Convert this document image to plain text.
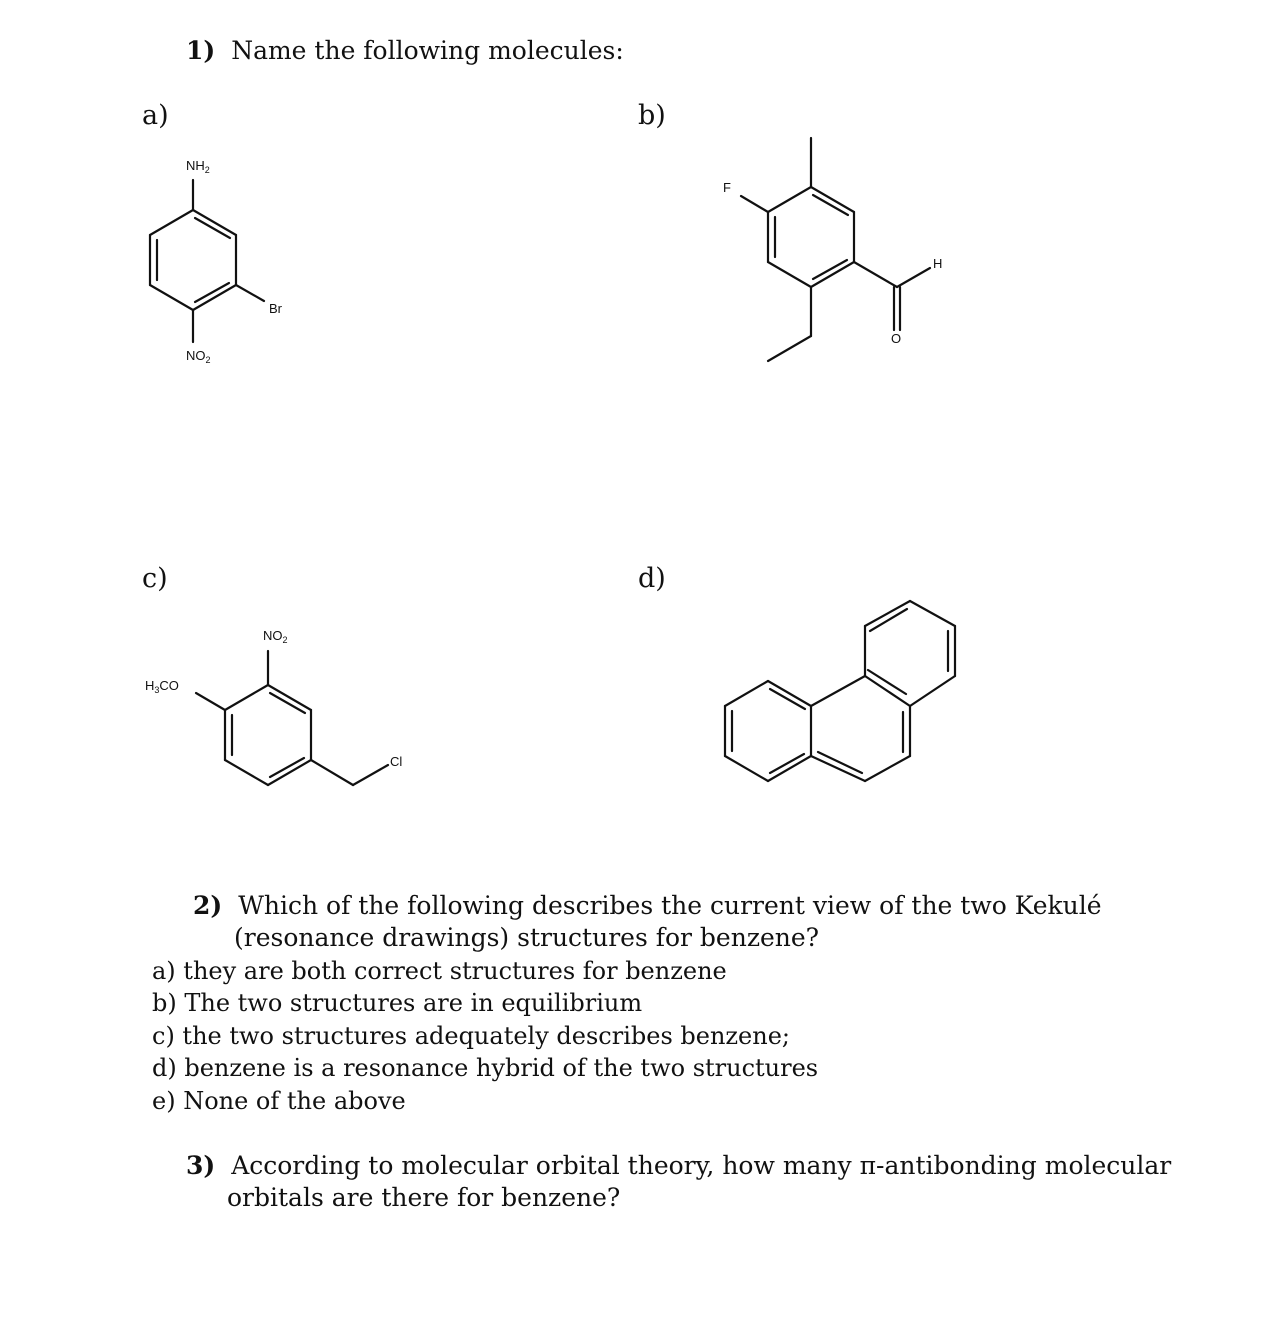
1) Name the following molecules:
a)	b)
c)	d)
$NH_2$
$NO_2$
Br
F
H
O
$NO_2$
$H_3CO$
Cl
2) Which of the following describes the current view of the two Kekulé
(resonance drawings) structures for benzene?
a) they are both correct structures for benzene
b) The two structures are in equilibrium
c) the two structures adequately describes benzene;
d) benzene is a resonance hybrid of the two structures
e) None of the above
3) According to molecular orbital theory, how many π-antibonding molecular
orbitals are there for benzene?
